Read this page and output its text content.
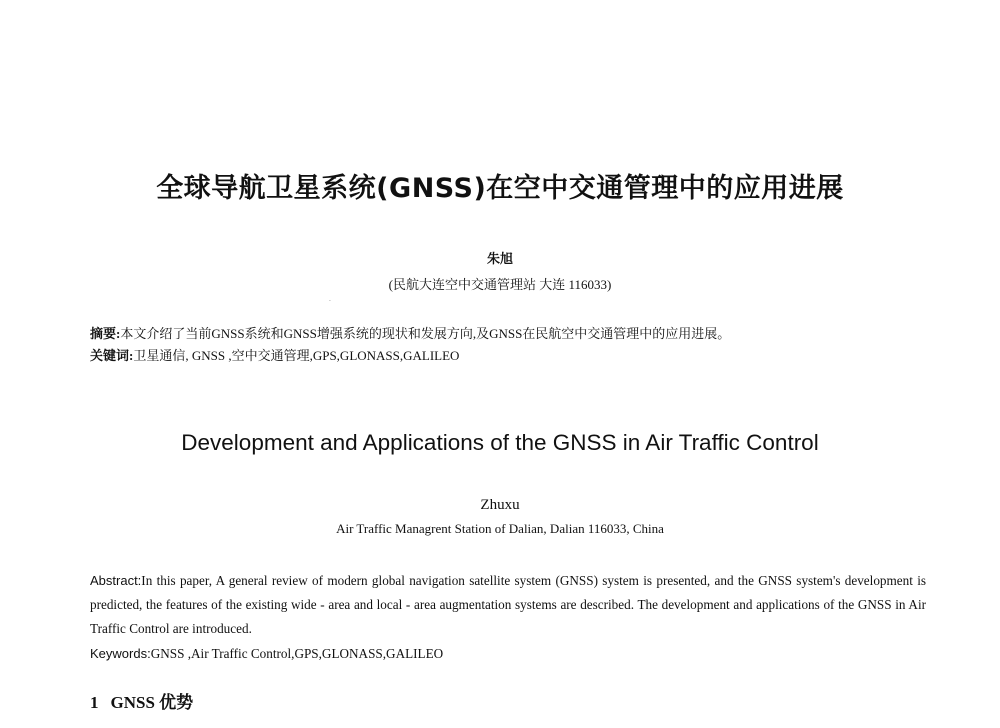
全球导航卫星系统(GNSS)在空中交通管理中的应用进展
朱旭
(民航大连空中交通管理站 大连 116033)
·
摘要:本文介绍了当前GNSS系统和GNSS增强系统的现状和发展方向,及GNSS在民航空中交通管理中的应用进展。
关键词:卫星通信, GNSS ,空中交通管理,GPS,GLONASS,GALILEO
Development and Applications of the GNSS in Air Traffic Control
Zhuxu
Air Traffic Managrent Station of Dalian, Dalian 116033, China
Abstract:In this paper, A general review of modern global navigation satellite system (GNSS) system is presented, and the GNSS system's development is predicted, the features of the existing wide - area and local - area augmentation systems are described. The development and applications of the GNSS in Air Traffic Control are introduced.
Keywords:GNSS ,Air Traffic Control,GPS,GLONASS,GALILEO
1 GNSS 优势
